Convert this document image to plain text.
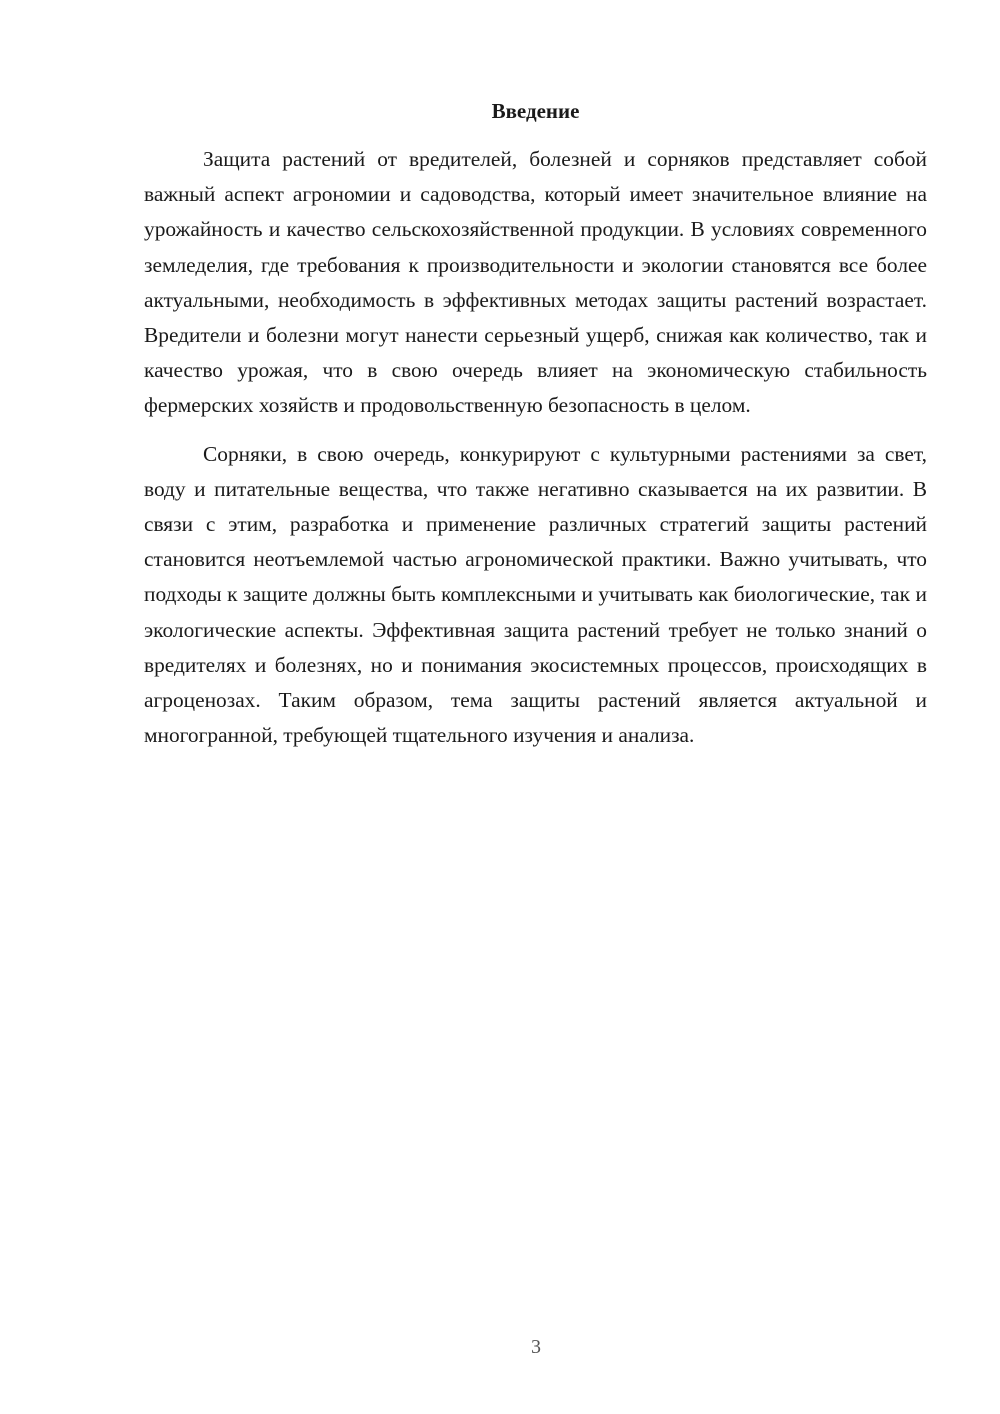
Введение

Защита растений от вредителей, болезней и сорняков представляет собой важный аспект агрономии и садоводства, который имеет значительное влияние на урожайность и качество сельскохозяйственной продукции. В условиях современного земледелия, где требования к производительности и экологии становятся все более актуальными, необходимость в эффективных методах защиты растений возрастает. Вредители и болезни могут нанести серьезный ущерб, снижая как количество, так и качество урожая, что в свою очередь влияет на экономическую стабильность фермерских хозяйств и продовольственную безопасность в целом.

Сорняки, в свою очередь, конкурируют с культурными растениями за свет, воду и питательные вещества, что также негативно сказывается на их развитии. В связи с этим, разработка и применение различных стратегий защиты растений становится неотъемлемой частью агрономической практики. Важно учитывать, что подходы к защите должны быть комплексными и учитывать как биологические, так и экологические аспекты. Эффективная защита растений требует не только знаний о вредителях и болезнях, но и понимания экосистемных процессов, происходящих в агроценозах. Таким образом, тема защиты растений является актуальной и многогранной, требующей тщательного изучения и анализа.

3
